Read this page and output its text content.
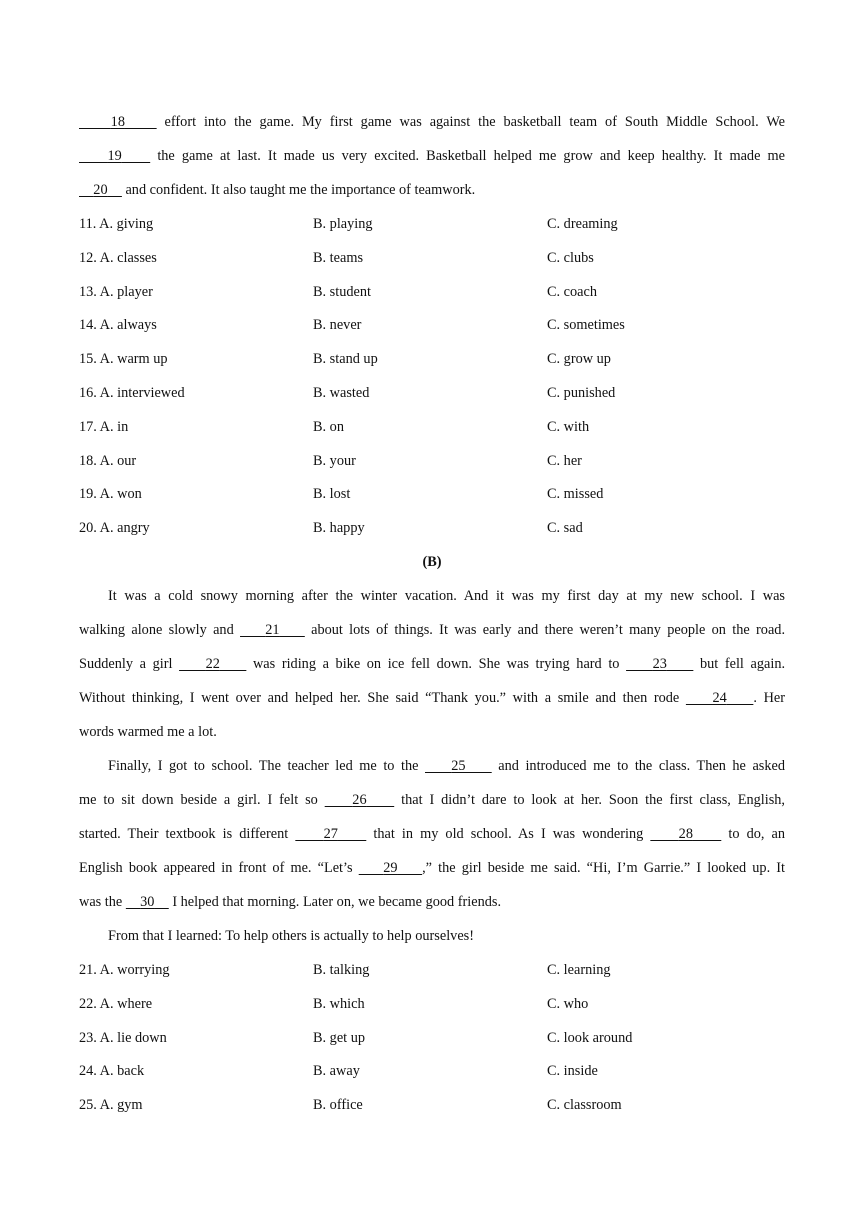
18     effort into the game. My first game was against the basketball team of South Middle School. We
19     the game at last. It made us very excited. Basketball helped me grow and keep healthy. It made me
20     and confident. It also taught me the importance of teamwork.
11. A. giving	B. playing	C. dreaming
12. A. classes	B. teams	C. clubs
13. A. player	B. student	C. coach
14. A. always	B. never	C. sometimes
15. A. warm up	B. stand up	C. grow up
16. A. interviewed	B. wasted	C. punished
17. A. in	B. on	C. with
18. A. our	B. your	C. her
19. A. won	B. lost	C. missed
20. A. angry	B. happy	C. sad
(B)
It was a cold snowy morning after the winter vacation. And it was my first day at my new school. I was
walking alone slowly and     21     about lots of things. It was early and there weren’t many people on the road.
Suddenly a girl     22     was riding a bike on ice fell down. She was trying hard to     23     but fell again.
Without thinking, I went over and helped her. She said “Thank you.” with a smile and then rode     24 . Her
words warmed me a lot.
Finally, I got to school. The teacher led me to the     25     and introduced me to the class. Then he asked
me to sit down beside a girl. I felt so     26     that I didn’t dare to look at her. Soon the first class, English,
started. Their textbook is different     27     that in my old school. As I was wondering     28     to do, an
English book appeared in front of me. “Let’s     29 ,” the girl beside me said. “Hi, I’m Garrie.” I looked up. It
was the     30     I helped that morning. Later on, we became good friends.
From that I learned: To help others is actually to help ourselves!
21. A. worrying	B. talking	C. learning
22. A. where	B. which	C. who
23. A. lie down	B. get up	C. look around
24. A. back	B. away	C. inside
25. A. gym	B. office	C. classroom
